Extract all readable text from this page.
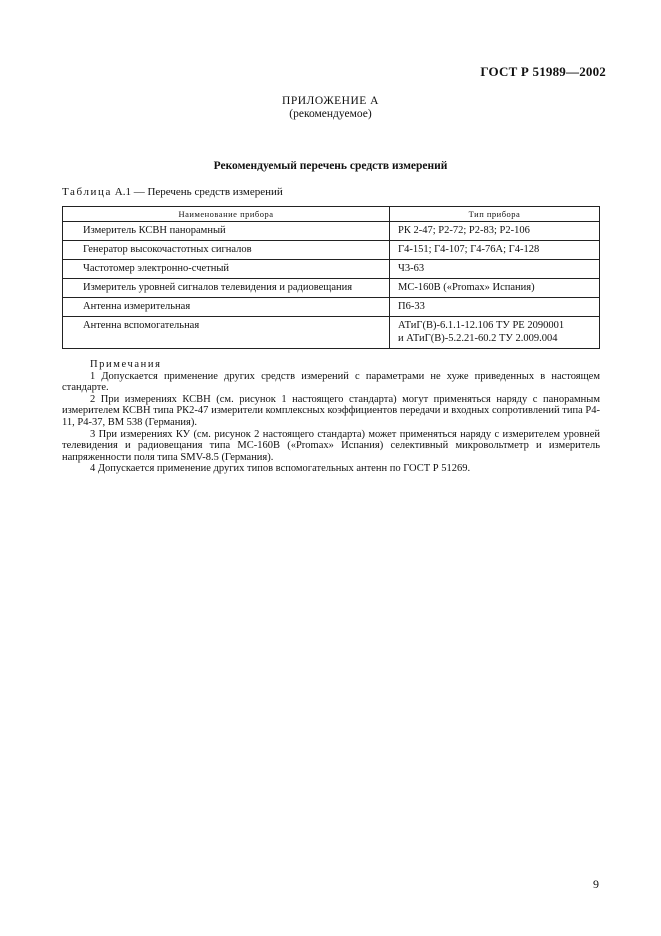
ГОСТ Р 51989—2002
ПРИЛОЖЕНИЕ А
(рекомендуемое)
Рекомендуемый перечень средств измерений
Таблица А.1 — Перечень средств измерений
Наименование прибора	Тип прибора
Измеритель КСВН панорамный	РК 2-47; Р2-72; Р2-83; Р2-106
Генератор высокочастотных сигналов	Г4-151; Г4-107; Г4-76А; Г4-128
Частотомер электронно-счетный	Ч3-63
Измеритель уровней сигналов телевидения и радиовещания	МС-160В («Promax» Испания)
Антенна измерительная	П6-33
Антенна вспомогательная	АТиГ(В)-6.1.1-12.106 ТУ РЕ 2090001
и АТиГ(В)-5.2.21-60.2 ТУ 2.009.004
Примечания

1 Допускается применение других средств измерений с параметрами не хуже приведенных в настоящем стандарте.

2 При измерениях КСВН (см. рисунок 1 настоящего стандарта) могут применяться наряду с панорамным измерителем КСВН типа РК2-47 измерители комплексных коэффициентов передачи и входных сопротивлений типа Р4-11, Р4-37, ВМ 538 (Германия).

3 При измерениях КУ (см. рисунок 2 настоящего стандарта) может применяться наряду с измерителем уровней телевидения и радиовещания типа МС-160В («Promax» Испания) селективный микровольтметр и измеритель напряженности поля типа SMV-8.5 (Германия).

4 Допускается применение других типов вспомогательных антенн по ГОСТ Р 51269.

9
